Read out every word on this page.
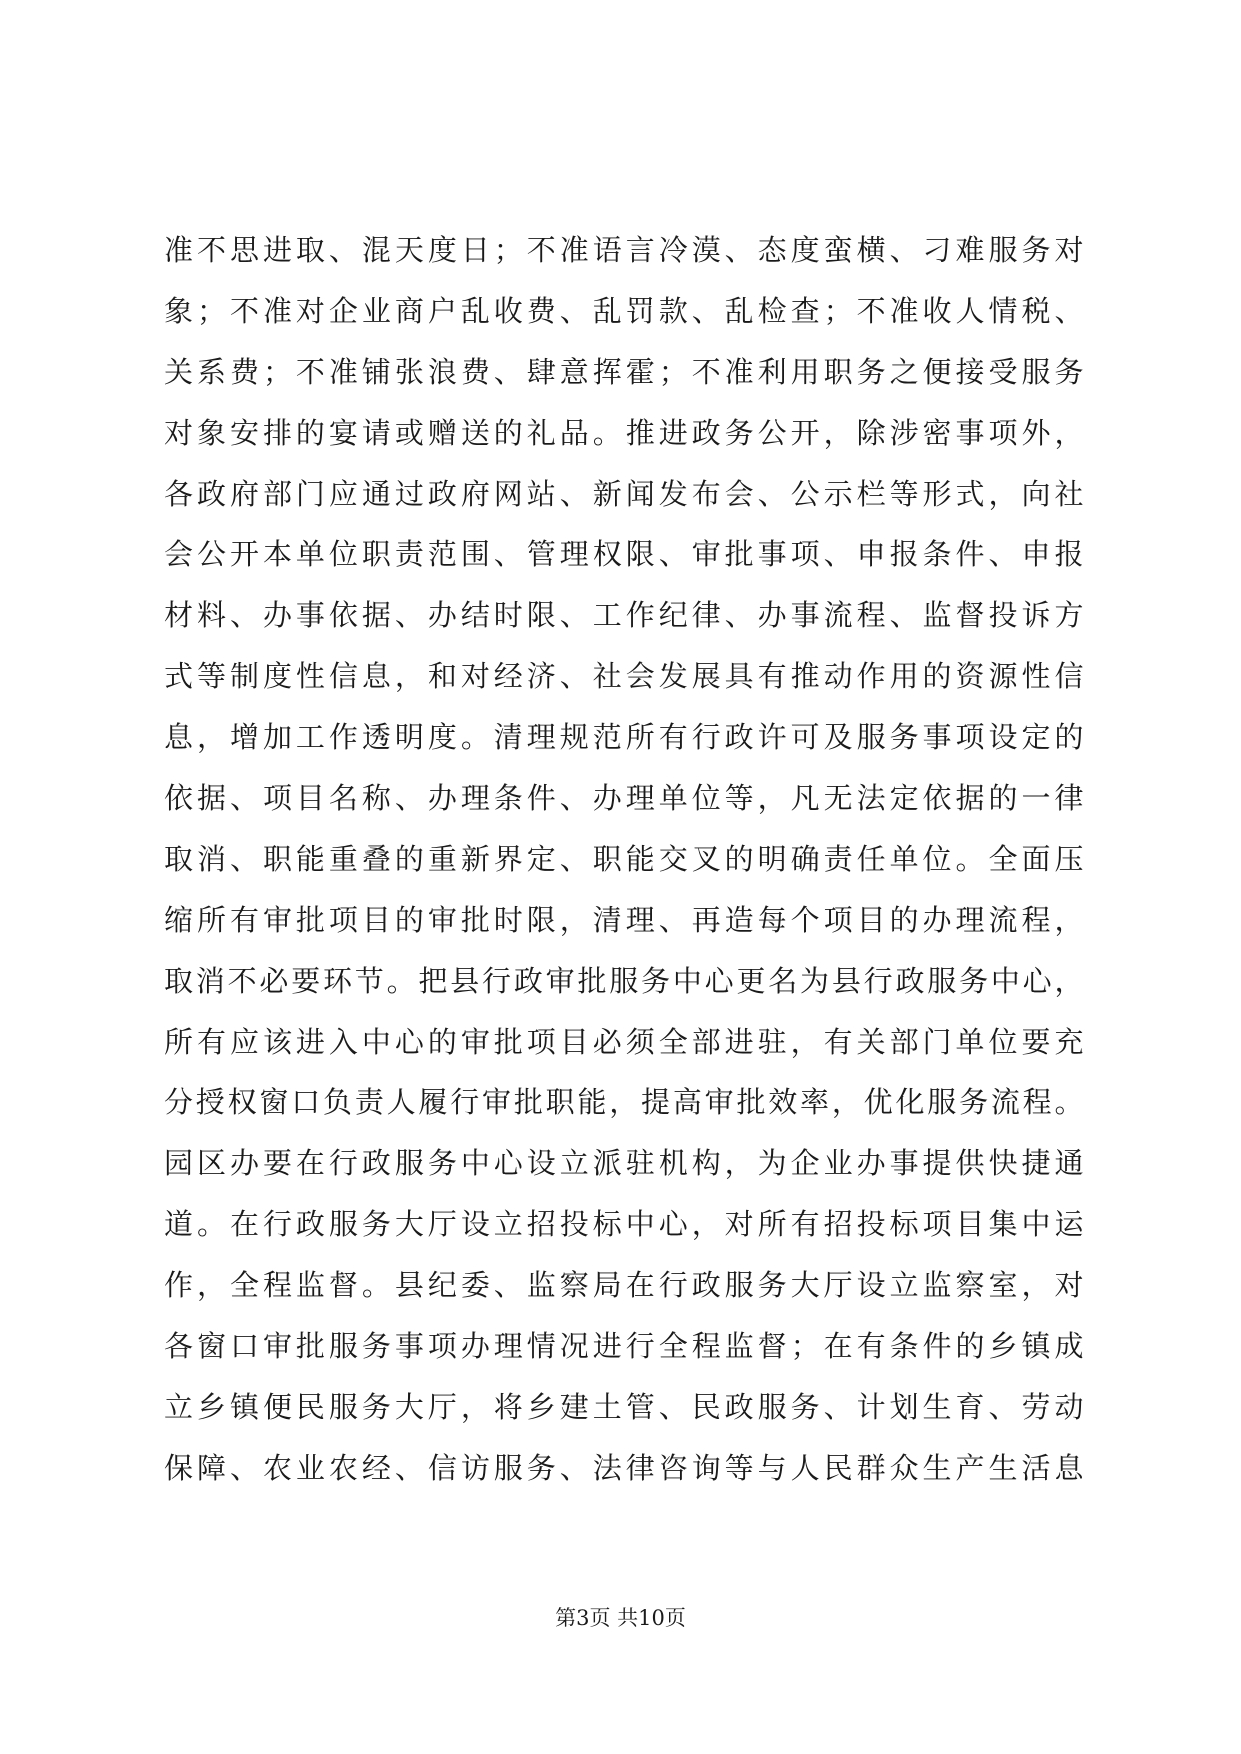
准不思进取、混天度日；不准语言冷漠、态度蛮横、刁难服务对
象；不准对企业商户乱收费、乱罚款、乱检查；不准收人情税、
关系费；不准铺张浪费、肆意挥霍；不准利用职务之便接受服务
对象安排的宴请或赠送的礼品。推进政务公开，除涉密事项外，
各政府部门应通过政府网站、新闻发布会、公示栏等形式，向社
会公开本单位职责范围、管理权限、审批事项、申报条件、申报
材料、办事依据、办结时限、工作纪律、办事流程、监督投诉方
式等制度性信息，和对经济、社会发展具有推动作用的资源性信
息，增加工作透明度。清理规范所有行政许可及服务事项设定的
依据、项目名称、办理条件、办理单位等，凡无法定依据的一律
取消、职能重叠的重新界定、职能交叉的明确责任单位。全面压
缩所有审批项目的审批时限，清理、再造每个项目的办理流程，
取消不必要环节。把县行政审批服务中心更名为县行政服务中心，
所有应该进入中心的审批项目必须全部进驻，有关部门单位要充
分授权窗口负责人履行审批职能，提高审批效率，优化服务流程。
园区办要在行政服务中心设立派驻机构，为企业办事提供快捷通
道。在行政服务大厅设立招投标中心，对所有招投标项目集中运
作，全程监督。县纪委、监察局在行政服务大厅设立监察室，对
各窗口审批服务事项办理情况进行全程监督；在有条件的乡镇成
立乡镇便民服务大厅，将乡建土管、民政服务、计划生育、劳动
保障、农业农经、信访服务、法律咨询等与人民群众生产生活息
第3页 共10页
